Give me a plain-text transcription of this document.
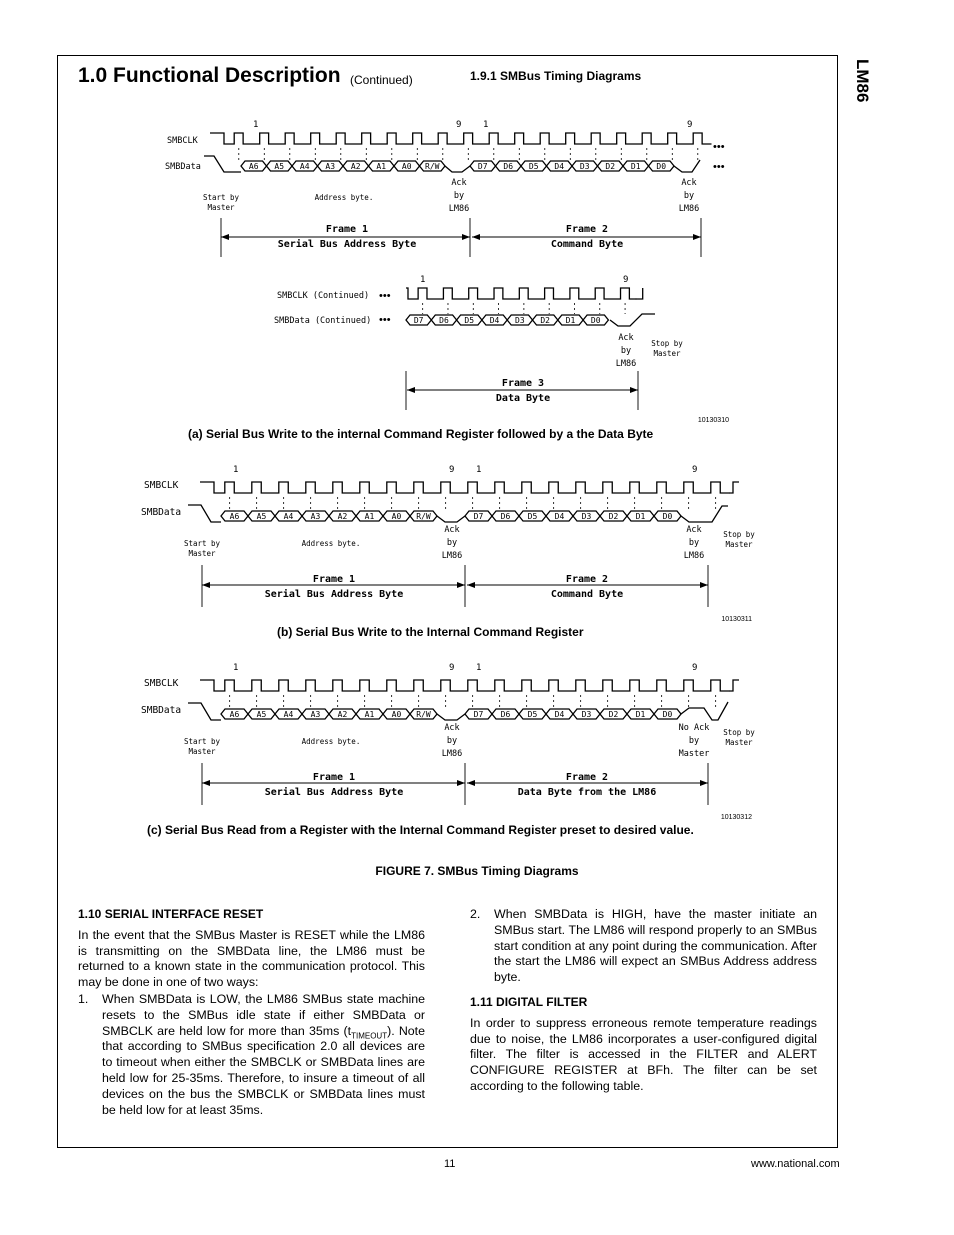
LM86
1.0 Functional Description (Continued)	1.9.1 SMBus Timing Diagrams
SMBCLK
SMBData
1	9 1	9
A6 A5 A4 A3 A2 A1 A0 R/W	D7 D6 D5 D4 D3 D2 D1 D0
•••
•••
Start by
Master
Address byte.
Ack
by
LM86
Ack
by
LM86
Frame 1
Serial Bus Address Byte
Frame 2
Command Byte
SMBCLK (Continued)
SMBData (Continued)
•••
•••
1	9
D7 D6 D5 D4 D3 D2 D1 D0
Ack
by
LM86
Stop by
Master
Frame 3
Data Byte
10130310
SMBCLK
SMBData
1	9 1	9
A6 A5 A4 A3 A2 A1 A0 R/W	D7 D6 D5 D4 D3 D2 D1 D0
Start by
Master
Address byte.
Ack
by
LM86
Ack
by
LM86
Stop by
Master
Frame 1
Serial Bus Address Byte
Frame 2
Command Byte
10130311
SMBCLK
SMBData
1	9 1	9
A6 A5 A4 A3 A2 A1 A0 R/W	D7 D6 D5 D4 D3 D2 D1 D0
Start by
Master
Address byte.
Ack
by
LM86
No Ack
by
Master
Stop by
Master
Frame 1
Serial Bus Address Byte
Frame 2
Data Byte from the LM86
10130312
(a) Serial Bus Write to the internal Command Register followed by a the Data Byte
(b) Serial Bus Write to the Internal Command Register
(c) Serial Bus Read from a Register with the Internal Command Register preset to desired value.
FIGURE 7. SMBus Timing Diagrams
1.10 SERIAL INTERFACE RESET

In the event that the SMBus Master is RESET while the LM86 is transmitting on the SMBData line, the LM86 must be returned to a known state in the communication protocol. This may be done in one of two ways:

1. When SMBData is LOW, the LM86 SMBus state machine resets to the SMBus idle state if either SMBData or SMBCLK are held low for more than 35ms $(t_{TIMEOUT})$. Note that according to SMBus specification 2.0 all devices are to timeout when either the SMBCLK or SMBData lines are held low for 25-35ms. Therefore, to insure a timeout of all devices on the bus the SMBCLK or SMBData lines must be held low for at least 35ms.
2. When SMBData is HIGH, have the master initiate an SMBus start. The LM86 will respond properly to an SMBus start condition at any point during the communication. After the start the LM86 will expect an SMBus Address address byte.
1.11 DIGITAL FILTER

In order to suppress erroneous remote temperature readings due to noise, the LM86 incorporates a user-configured digital filter. The filter is accessed in the FILTER and ALERT CONFIGURE REGISTER at BFh. The filter can be set according to the following table.

11	www.national.com
